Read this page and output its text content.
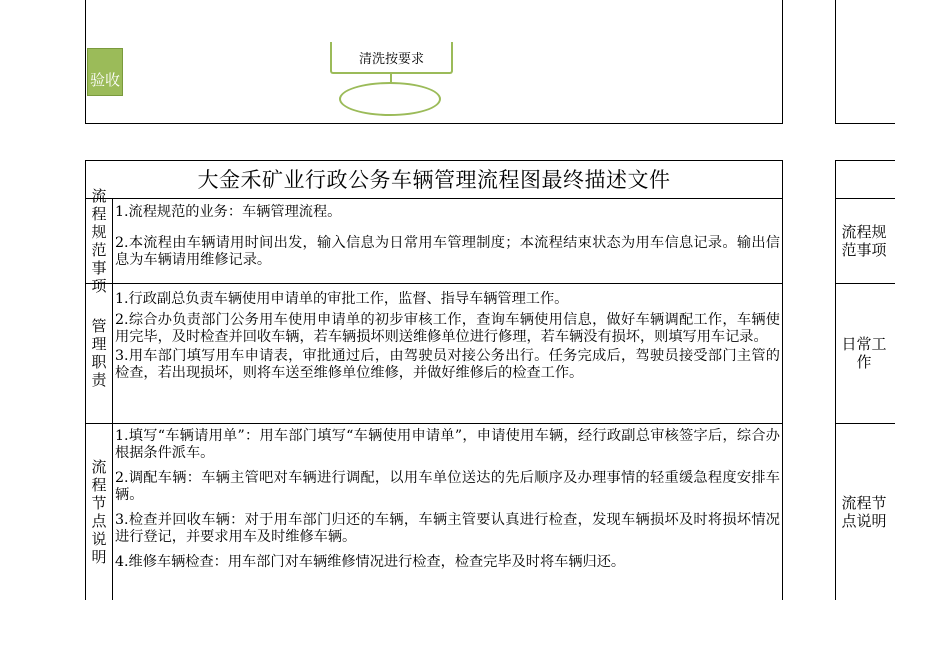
验收
清洗按要求
大金禾矿业行政公务车辆管理流程图最终描述文件
流程规范事项

1.流程规范的业务：车辆管理流程。

2.本流程由车辆请用时间出发，输入信息为日常用车管理制度；本流程结束状态为用车信息记录。输出信息为车辆请用维修记录。

管理职责

1.行政副总负责车辆使用申请单的审批工作，监督、指导车辆管理工作。

2.综合办负责部门公务用车使用申请单的初步审核工作，查询车辆使用信息，做好车辆调配工作，车辆使用完毕，及时检查并回收车辆，若车辆损坏则送维修单位进行修理，若车辆没有损坏，则填写用车记录。

3.用车部门填写用车申请表，审批通过后，由驾驶员对接公务出行。任务完成后，驾驶员接受部门主管的检查，若出现损坏，则将车送至维修单位维修，并做好维修后的检查工作。

流程节点说明

1.填写“车辆请用单”：用车部门填写“车辆使用申请单”，申请使用车辆，经行政副总审核签字后，综合办根据条件派车。

2.调配车辆：车辆主管吧对车辆进行调配，以用车单位送达的先后顺序及办理事情的轻重缓急程度安排车辆。

3.检查并回收车辆：对于用车部门归还的车辆，车辆主管要认真进行检查，发现车辆损坏及时将损坏情况进行登记，并要求用车及时维修车辆。

4.维修车辆检查：用车部门对车辆维修情况进行检查，检查完毕及时将车辆归还。

流程规范事项
日常工作
流程节点说明
